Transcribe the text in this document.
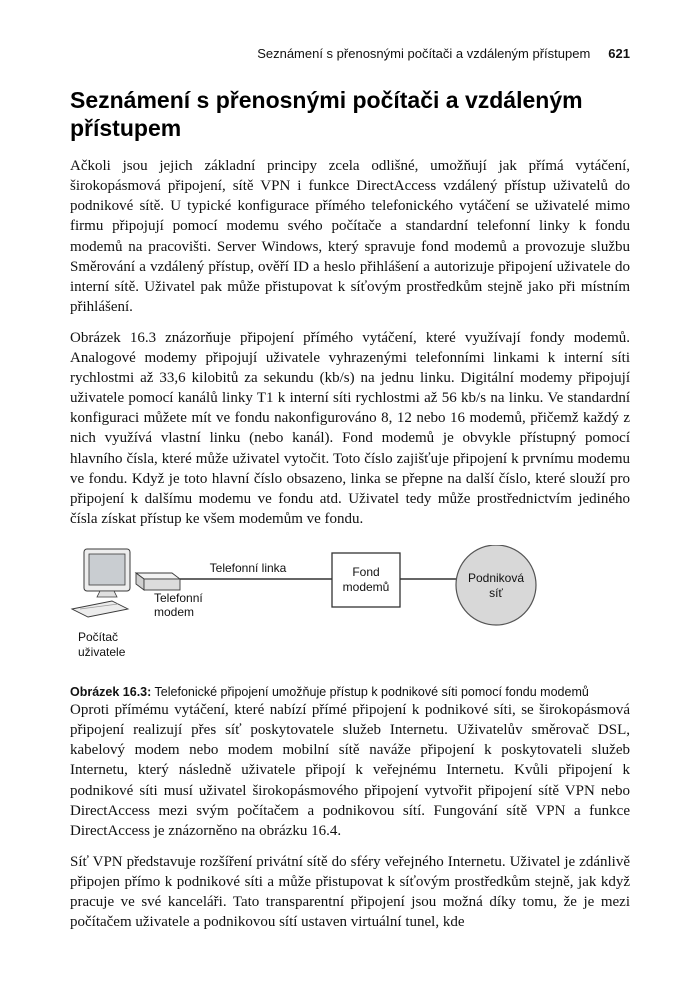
Seznámení s přenosnými počítači a vzdáleným přístupem 621
Seznámení s přenosnými počítači a vzdáleným přístupem

Ačkoli jsou jejich základní principy zcela odlišné, umožňují jak přímá vytáčení, širokopásmová připojení, sítě VPN i funkce DirectAccess vzdálený přístup uživatelů do podnikové sítě. U typické konfigurace přímého telefonického vytáčení se uživatelé mimo firmu připojují pomocí modemu svého počítače a standardní telefonní linky k fondu modemů na pracovišti. Server Windows, který spravuje fond modemů a provozuje službu Směrování a vzdálený přístup, ověří ID a heslo přihlášení a autorizuje připojení uživatele do interní sítě. Uživatel pak může přistupovat k síťovým prostředkům stejně jako při místním přihlášení.

Obrázek 16.3 znázorňuje připojení přímého vytáčení, které využívají fondy modemů. Analogové modemy připojují uživatele vyhrazenými telefonními linkami k interní síti rychlostmi až 33,6 kilobitů za sekundu (kb/s) na jednu linku. Digitální modemy připojují uživatele pomocí kanálů linky T1 k interní síti rychlostmi až 56 kb/s na linku. Ve standardní konfiguraci můžete mít ve fondu nakonfigurováno 8, 12 nebo 16 modemů, přičemž každý z nich využívá vlastní linku (nebo kanál). Fond modemů je obvykle přístupný pomocí hlavního čísla, které může uživatel vytočit. Toto číslo zajišťuje připojení k prvnímu modemu ve fondu. Když je toto hlavní číslo obsazeno, linka se přepne na další číslo, které slouží pro připojení k dalšímu modemu ve fondu atd. Uživatel tedy může prostřednictvím jediného čísla získat přístup ke všem modemům ve fondu.

Fond
modemů
Podniková
síť
Telefonní linka
Telefonní
modem
Počítač
uživatele

Obrázek 16.3: Telefonické připojení umožňuje přístup k podnikové síti pomocí fondu modemů

Oproti přímému vytáčení, které nabízí přímé připojení k podnikové síti, se širokopásmová připojení realizují přes síť poskytovatele služeb Internetu. Uživatelův směrovač DSL, kabelový modem nebo modem mobilní sítě naváže připojení k poskytovateli služeb Internetu, který následně uživatele připojí k veřejnému Internetu. Kvůli připojení k podnikové síti musí uživatel širokopásmového připojení vytvořit připojení sítě VPN nebo DirectAccess mezi svým počítačem a podnikovou sítí. Fungování sítě VPN a funkce DirectAccess je znázorněno na obrázku 16.4.

Síť VPN představuje rozšíření privátní sítě do sféry veřejného Internetu. Uživatel je zdánlivě připojen přímo k podnikové síti a může přistupovat k síťovým prostředkům stejně, jak když pracuje ve své kanceláři. Tato transparentní připojení jsou možná díky tomu, že je mezi počítačem uživatele a podnikovou sítí ustaven virtuální tunel, kde
